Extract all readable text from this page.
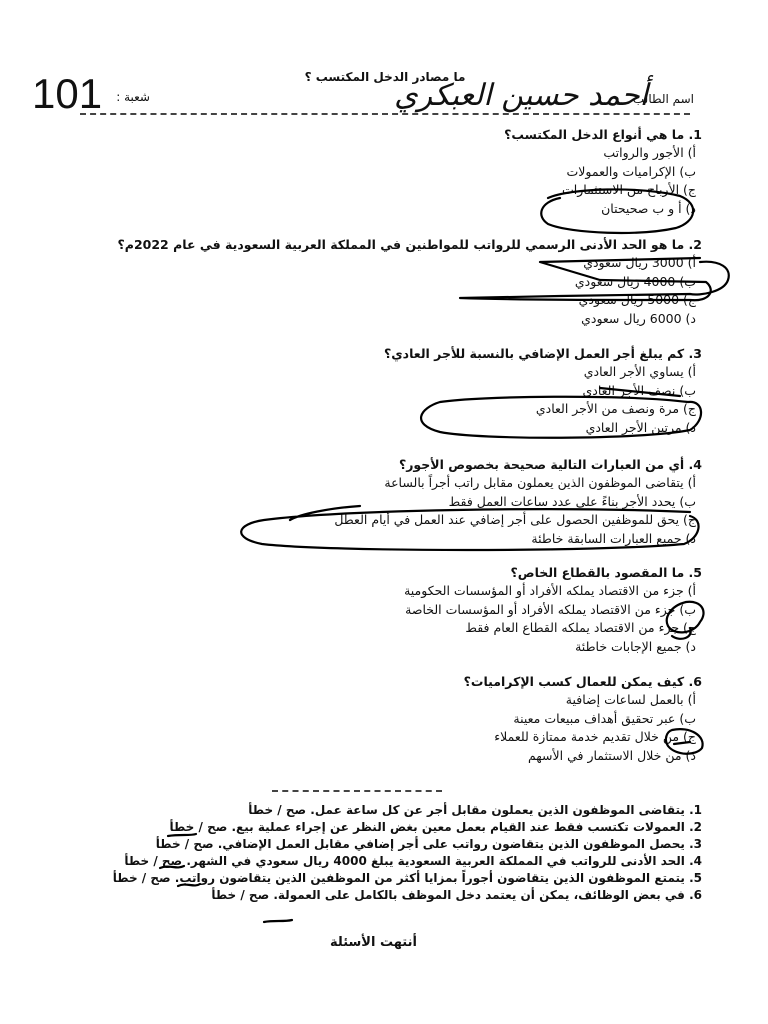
ما مصادر الدخل المكتسب ؟
اسم الطالب
أحمد حسين العبكري
شعبة :
101
1. ما هي أنواع الدخل المكتسب؟
أ) الأجور والرواتب
ب) الإكراميات والعمولات
ج) الأرباح من الاستثمارات
د) أ و ب صحيحتان
2. ما هو الحد الأدنى الرسمي للرواتب للمواطنين في المملكة العربية السعودية في عام 2022م؟
أ) 3000 ريال سعودي
ب) 4000 ريال سعودي
ج) 5000 ريال سعودي
د) 6000 ريال سعودي
3. كم يبلغ أجر العمل الإضافي بالنسبة للأجر العادي؟
أ) يساوي الأجر العادي
ب) نصف الأجر العادي
ج) مرة ونصف من الأجر العادي
د) مرتين الأجر العادي
4. أي من العبارات التالية صحيحة بخصوص الأجور؟
أ) يتقاضى الموظفون الذين يعملون مقابل راتب أجراً بالساعة
ب) يحدد الأجر بناءً على عدد ساعات العمل فقط
ج) يحق للموظفين الحصول على أجر إضافي عند العمل في أيام العطل
د) جميع العبارات السابقة خاطئة
5. ما المقصود بالقطاع الخاص؟
أ) جزء من الاقتصاد يملكه الأفراد أو المؤسسات الحكومية
ب) جزء من الاقتصاد يملكه الأفراد أو المؤسسات الخاصة
ج) جزء من الاقتصاد يملكه القطاع العام فقط
د) جميع الإجابات خاطئة
6. كيف يمكن للعمال كسب الإكراميات؟
أ) بالعمل لساعات إضافية
ب) عبر تحقيق أهداف مبيعات معينة
ج) من خلال تقديم خدمة ممتازة للعملاء
د) من خلال الاستثمار في الأسهم
1. يتقاضى الموظفون الذين يعملون مقابل أجر عن كل ساعة عمل. صح / خطأ
2. العمولات تكتسب فقط عند القيام بعمل معين بغض النظر عن إجراء عملية بيع. صح / خطأ
3. يحصل الموظفون الذين يتقاضون رواتب على أجر إضافي مقابل العمل الإضافي. صح / خطأ
4. الحد الأدنى للرواتب في المملكة العربية السعودية يبلغ 4000 ريال سعودي في الشهر. صح / خطأ
5. يتمتع الموظفون الذين يتقاضون أجوراً بمزايا أكثر من الموظفين الذين يتقاضون رواتب. صح / خطأ
6. في بعض الوظائف، يمكن أن يعتمد دخل الموظف بالكامل على العمولة. صح / خطأ
أنتهت الأسئلة
